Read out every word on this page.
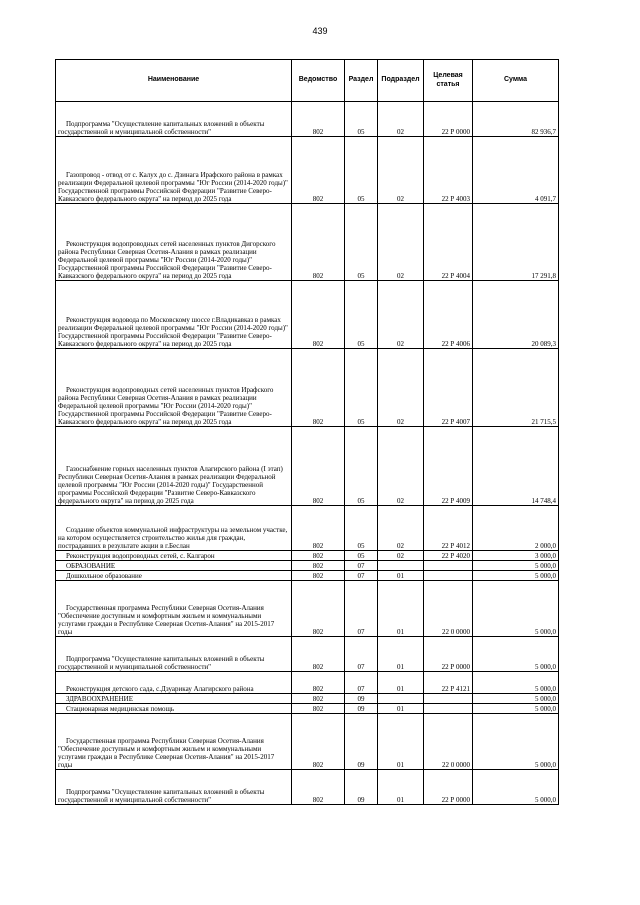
439
Наименование	Ведомство	Раздел	Подраздел	Целевая статья	Сумма
Подпрограмма "Осуществление капитальных вложений в объекты государственной и муниципальной собственности"	802	05	02	22 Р 0000	82 936,7
Газопровод - отвод от с. Калух до с. Дзинага Ирафского района в рамках реализации Федеральной целевой программы "Юг России (2014-2020 годы)" Государственной программы Российской Федерации "Развитие Северо-Кавказского федерального округа" на период до 2025 года	802	05	02	22 Р 4003	4 091,7
Реконструкция водопроводных сетей населенных пунктов Дигорского района Республики Северная Осетия-Алания в рамках реализации Федеральной целевой программы "Юг России (2014-2020 годы)" Государственной программы Российской Федерации "Развитие Северо-Кавказского федерального округа" на период до 2025 года	802	05	02	22 Р 4004	17 291,8
Реконструкция водовода по Московскому шоссе г.Владикавказ в рамках реализации Федеральной целевой программы "Юг России (2014-2020 годы)" Государственной программы Российской Федерации "Развитие Северо-Кавказского федерального округа" на период до 2025 года	802	05	02	22 Р 4006	20 089,3
Реконструкция водопроводных сетей населенных пунктов Ирафского района Республики Северная Осетия-Алания в рамках реализации Федеральной целевой программы "Юг России (2014-2020 годы)" Государственной программы Российской Федерации "Развитие Северо-Кавказского федерального округа" на период до 2025 года	802	05	02	22 Р 4007	21 715,5
Газоснабжение горных населенных пунктов Алагирского района (I этап) Республики Северная Осетия-Алания в рамках реализации Федеральной целевой программы "Юг России (2014-2020 годы)" Государственной программы Российской Федерации "Развитие Северо-Кавказского федерального округа" на период до 2025 года	802	05	02	22 Р 4009	14 748,4
Создание объектов коммунальной инфраструктуры на земельном участке, на котором осуществляется строительство жилья для граждан, пострадавших в результате акции в г.Беслан	802	05	02	22 Р 4012	2 000,0
Реконструкция водопроводных сетей, с. Калгарон	802	05	02	22 Р 4020	3 000,0
ОБРАЗОВАНИЕ	802	07			5 000,0
Дошкольное образование	802	07	01		5 000,0
Государственная программа Республики Северная Осетия-Алания "Обеспечение доступным и комфортным жильем и коммунальными услугами граждан в Республике Северная Осетия-Алания" на 2015-2017 годы	802	07	01	22 0 0000	5 000,0
Подпрограмма "Осуществление капитальных вложений в объекты государственной и муниципальной собственности"	802	07	01	22 Р 0000	5 000,0
Реконструкция детского сада, с.Дзуарикау Алагирского района	802	07	01	22 Р 4121	5 000,0
ЗДРАВООХРАНЕНИЕ	802	09			5 000,0
Стационарная медицинская помощь	802	09	01		5 000,0
Государственная программа Республики Северная Осетия-Алания "Обеспечение доступным и комфортным жильем и коммунальными услугами граждан в Республике Северная Осетия-Алания" на 2015-2017 годы	802	09	01	22 0 0000	5 000,0
Подпрограмма "Осуществление капитальных вложений в объекты государственной и муниципальной собственности"	802	09	01	22 Р 0000	5 000,0
